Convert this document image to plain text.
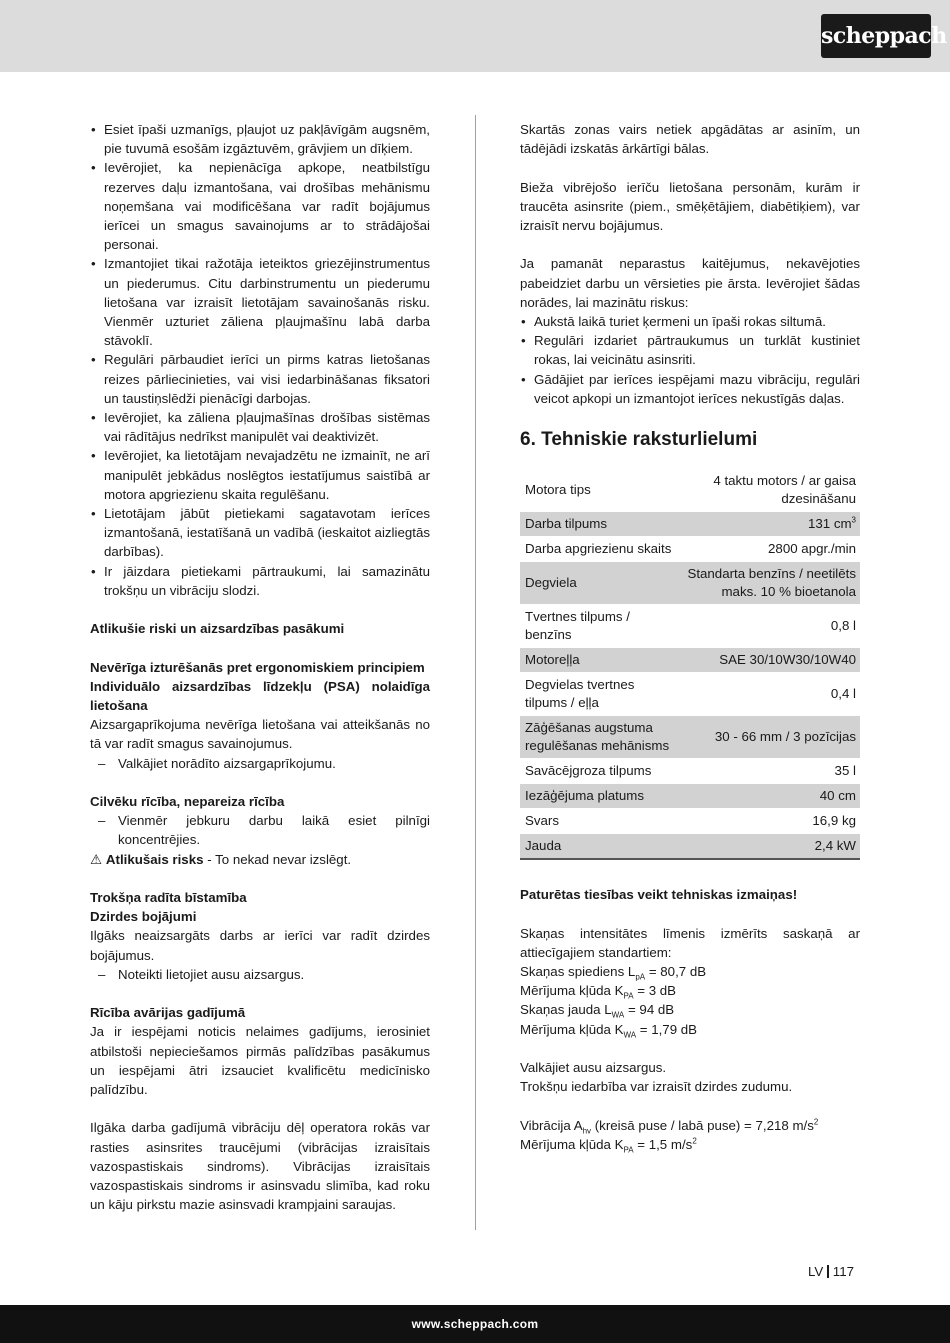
scheppach
• Esiet īpaši uzmanīgs, pļaujot uz pakļāvīgām augsnēm, pie tuvumā esošām izgāztuvēm, grāvjiem un dīķiem.
• Ievērojiet, ka nepienācīga apkope, neatbilstīgu rezerves daļu izmantošana, vai drošības mehānismu noņemšana vai modificēšana var radīt bojājumus ierīcei un smagus savainojums ar to strādājošai personai.
• Izmantojiet tikai ražotāja ieteiktos griezējinstrumentus un piederumus. Citu darbinstrumentu un piederumu lietošana var izraisīt lietotājam savainošanās risku. Vienmēr uzturiet zāliena pļaujmašīnu labā darba stāvoklī.
• Regulāri pārbaudiet ierīci un pirms katras lietošanas reizes pārliecinieties, vai visi iedarbināšanas fiksatori un taustiņslēdži pienācīgi darbojas.
• Ievērojiet, ka zāliena pļaujmašīnas drošības sistēmas vai rādītājus nedrīkst manipulēt vai deaktivizēt.
• Ievērojiet, ka lietotājam nevajadzētu ne izmainīt, ne arī manipulēt jebkādus noslēgtos iestatījumus saistībā ar motora apgriezienu skaita regulēšanu.
• Lietotājam jābūt pietiekami sagatavotam ierīces izmantošanā, iestatīšanā un vadībā (ieskaitot aizliegtās darbības).
• Ir jāizdara pietiekami pārtraukumi, lai samazinātu trokšņu un vibrāciju slodzi.

Atlikušie riski un aizsardzības pasākumi

Nevērīga izturēšanās pret ergonomiskiem principiem

Individuālo aizsardzības līdzekļu (PSA) nolaidīga lietošana

Aizsargaprīkojuma nevērīga lietošana vai atteikšanās no tā var radīt smagus savainojumus.

– Valkājiet norādīto aizsargaprīkojumu.

Cilvēku rīcība, nepareiza rīcība

– Vienmēr jebkuru darbu laikā esiet pilnīgi koncentrējies.

⚠ Atlikušais risks - To nekad nevar izslēgt.

Trokšņa radīta bīstamība

Dzirdes bojājumi

Ilgāks neaizsargāts darbs ar ierīci var radīt dzirdes bojājumus.

– Noteikti lietojiet ausu aizsargus.

Rīcība avārijas gadījumā

Ja ir iespējami noticis nelaimes gadījums, ierosiniet atbilstoši nepieciešamos pirmās palīdzības pasākumus un iespējami ātri izsauciet kvalificētu medicīnisko palīdzību.

Ilgāka darba gadījumā vibrāciju dēļ operatora rokās var rasties asinsrites traucējumi (vibrācijas izraisītais vazospastiskais sindroms). Vibrācijas izraisītais vazospastiskais sindroms ir asinsvadu slimība, kad roku un kāju pirkstu mazie asinsvadi krampjaini saraujas.

Skartās zonas vairs netiek apgādātas ar asinīm, un tādējādi izskatās ārkārtīgi bālas.

Bieža vibrējošo ierīču lietošana personām, kurām ir traucēta asinsrite (piem., smēķētājiem, diabētiķiem), var izraisīt nervu bojājumus.

Ja pamanāt neparastus kaitējumus, nekavējoties pabeidziet darbu un vērsieties pie ārsta. Ievērojiet šādas norādes, lai mazinātu riskus:

• Aukstā laikā turiet ķermeni un īpaši rokas siltumā.
• Regulāri izdariet pārtraukumus un turklāt kustiniet rokas, lai veicinātu asinsriti.
• Gādājiet par ierīces iespējami mazu vibrāciju, regulāri veicot apkopi un izmantojot ierīces nekustīgās daļas.
6. Tehniskie raksturlielumi
Motora tips	4 taktu motors / ar gaisa dzesināšanu
Darba tilpums	131 $cm^3$
Darba apgriezienu skaits	2800 apgr./min
Degviela	Standarta benzīns / neetilēts maks. 10 % bioetanola
Tvertnes tilpums / benzīns	0,8 l
Motoreļļa	SAE 30/10W30/10W40
Degvielas tvertnes tilpums / eļļa	0,4 l
Zāģēšanas augstuma regulēšanas mehānisms	30 - 66 mm / 3 pozīcijas
Savācējgroza tilpums	35 l
Iezāģējuma platums	40 cm
Svars	16,9 kg
Jauda	2,4 kW

Paturētas tiesības veikt tehniskas izmaiņas!

Skaņas intensitātes līmenis izmērīts saskaņā ar attiecīgajiem standartiem:

Skaņas spiediens $L_{pA} = 80,7$ dB

Mērījuma kļūda $K_{PA} = 3$ dB

Skaņas jauda $L_{WA} = 94$ dB

Mērījuma kļūda $K_{WA} = 1,79$ dB

Valkājiet ausu aizsargus.

Trokšņu iedarbība var izraisīt dzirdes zudumu.

Vibrācija $A_{hv}$ (kreisā puse / labā puse) = 7,218 $m/s^2$

Mērījuma kļūda $K_{PA} = 1,5$ $m/s^2$

LV 117
www.scheppach.com
